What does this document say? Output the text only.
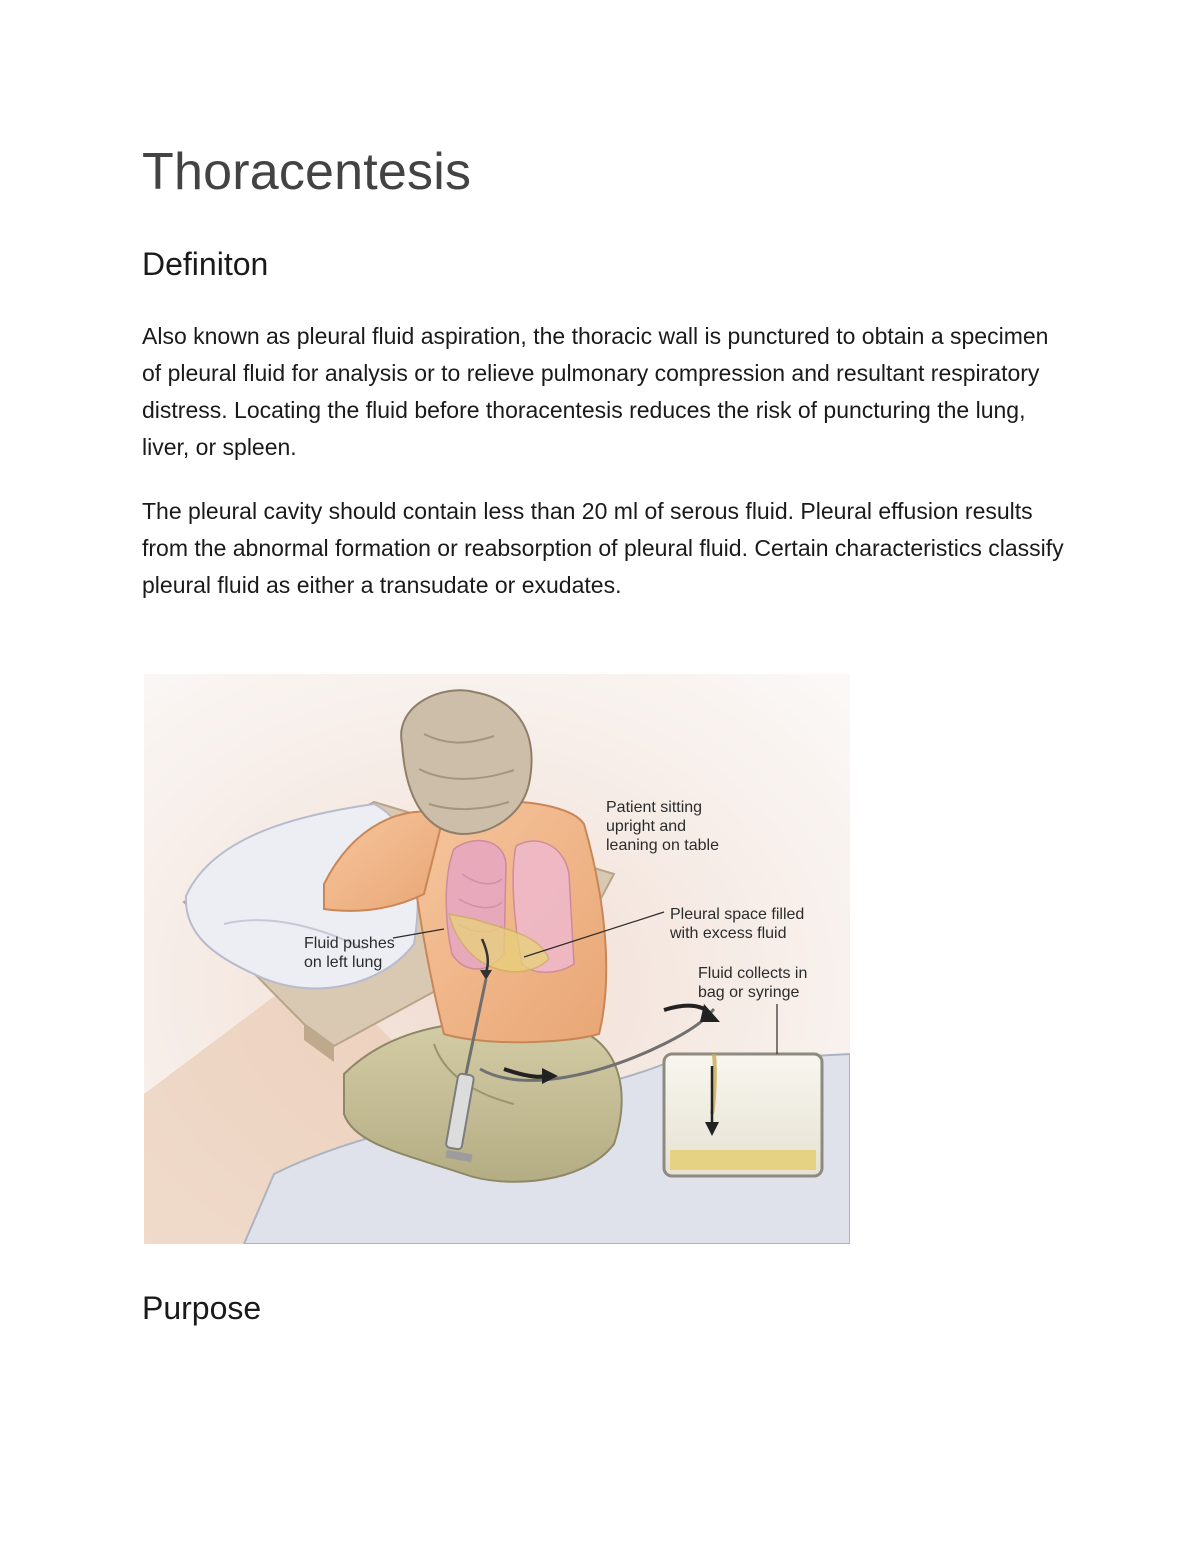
Thoracentesis
Definiton

Also known as pleural fluid aspiration, the thoracic wall is punctured to obtain a specimen of pleural fluid for analysis or to relieve pulmonary compression and resultant respiratory distress. Locating the fluid before thoracentesis reduces the risk of puncturing the lung, liver, or spleen.

The pleural cavity should contain less than 20 ml of serous fluid. Pleural effusion results from the abnormal formation or reabsorption of pleural fluid. Certain characteristics classify pleural fluid as either a transudate or exudates.

Patient sitting
upright and
leaning on table
Pleural space filled
with excess fluid
Fluid pushes
on left lung
Fluid collects in
bag or syringe
Purpose
